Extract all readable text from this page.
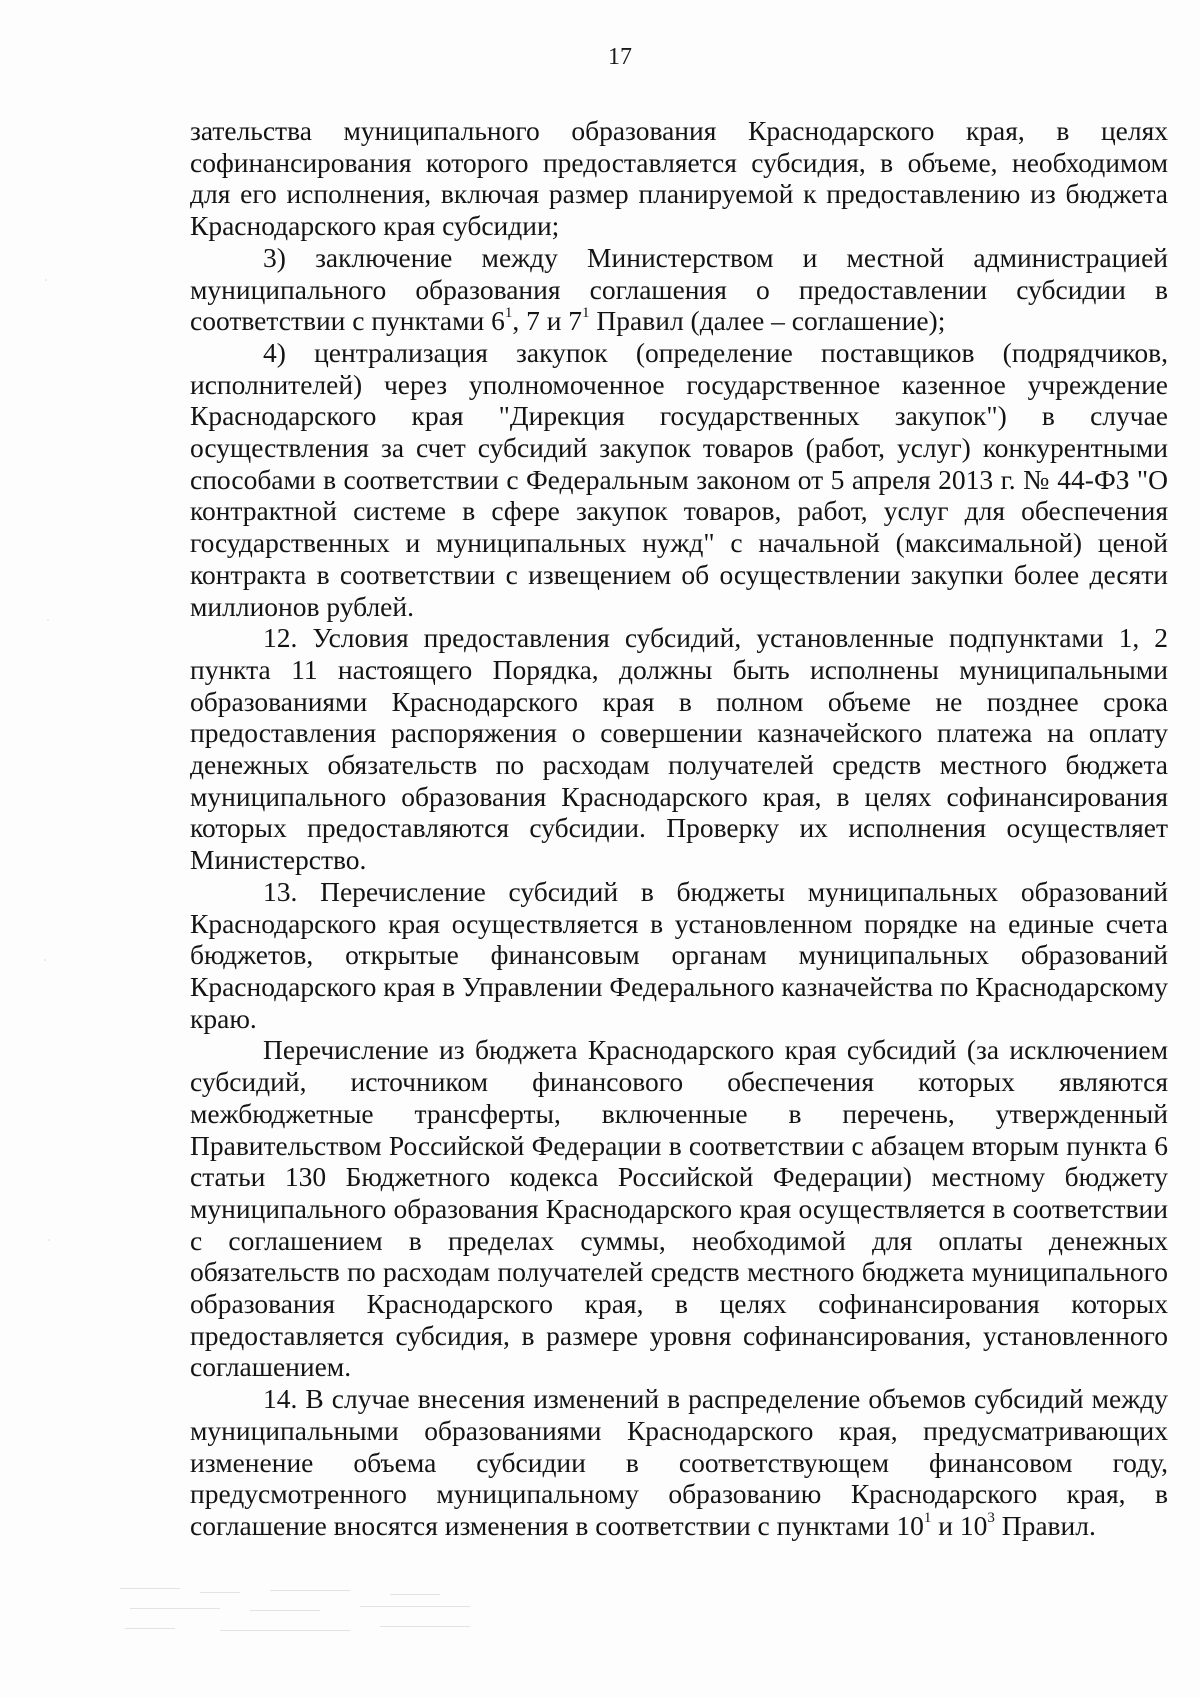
17

зательства муниципального образования Краснодарского края, в целях софинансирования которого предоставляется субсидия, в объеме, необходимом для его исполнения, включая размер планируемой к предоставлению из бюджета Краснодарского края субсидии;

3) заключение между Министерством и местной администрацией муниципального образования соглашения о предоставлении субсидии в соответствии с пунктами $6^1$, 7 и $7^1$ Правил (далее – соглашение);

4) централизация закупок (определение поставщиков (подрядчиков, исполнителей) через уполномоченное государственное казенное учреждение Краснодарского края "Дирекция государственных закупок") в случае осуществления за счет субсидий закупок товаров (работ, услуг) конкурентными способами в соответствии с Федеральным законом от 5 апреля 2013 г. № 44-ФЗ "О контрактной системе в сфере закупок товаров, работ, услуг для обеспечения государственных и муниципальных нужд" с начальной (максимальной) ценой контракта в соответствии с извещением об осуществлении закупки более десяти миллионов рублей.

12. Условия предоставления субсидий, установленные подпунктами 1, 2 пункта 11 настоящего Порядка, должны быть исполнены муниципальными образованиями Краснодарского края в полном объеме не позднее срока предоставления распоряжения о совершении казначейского платежа на оплату денежных обязательств по расходам получателей средств местного бюджета муниципального образования Краснодарского края, в целях софинансирования которых предоставляются субсидии. Проверку их исполнения осуществляет Министерство.

13. Перечисление субсидий в бюджеты муниципальных образований Краснодарского края осуществляется в установленном порядке на единые счета бюджетов, открытые финансовым органам муниципальных образований Краснодарского края в Управлении Федерального казначейства по Краснодарскому краю.

Перечисление из бюджета Краснодарского края субсидий (за исключением субсидий, источником финансового обеспечения которых являются межбюджетные трансферты, включенные в перечень, утвержденный Правительством Российской Федерации в соответствии с абзацем вторым пункта 6 статьи 130 Бюджетного кодекса Российской Федерации) местному бюджету муниципального образования Краснодарского края осуществляется в соответствии с соглашением в пределах суммы, необходимой для оплаты денежных обязательств по расходам получателей средств местного бюджета муниципального образования Краснодарского края, в целях софинансирования которых предоставляется субсидия, в размере уровня софинансирования, установленного соглашением.

14. В случае внесения изменений в распределение объемов субсидий между муниципальными образованиями Краснодарского края, предусматривающих изменение объема субсидии в соответствующем финансовом году, предусмотренного муниципальному образованию Краснодарского края, в соглашение вносятся изменения в соответствии с пунктами $10^1$ и $10^3$ Правил.
